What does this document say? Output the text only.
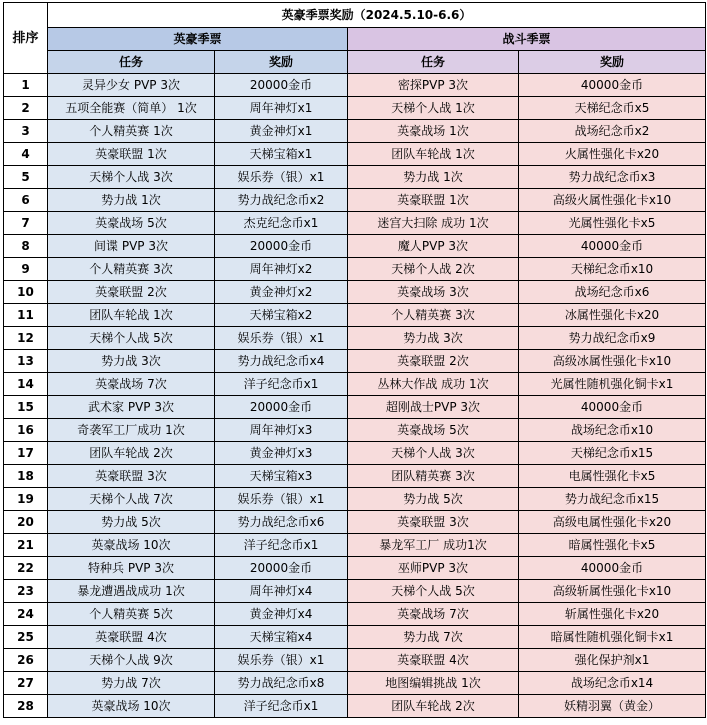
排序	英豪季票奖励（2024.5.10-6.6）			
	英豪季票		战斗季票	
	任务	奖励	任务	奖励
1	灵异少女 PVP 3次	20000金币	密探PVP 3次	40000金币
2	五项全能赛（简单） 1次	周年神灯x1	天梯个人战 1次	天梯纪念币x5
3	个人精英赛 1次	黄金神灯x1	英豪战场 1次	战场纪念币x2
4	英豪联盟 1次	天梯宝箱x1	团队车轮战 1次	火属性强化卡x20
5	天梯个人战 3次	娱乐券（银）x1	势力战 1次	势力战纪念币x3
6	势力战 1次	势力战纪念币x2	英豪联盟 1次	高级火属性强化卡x10
7	英豪战场 5次	杰克纪念币x1	迷宫大扫除 成功 1次	光属性强化卡x5
8	间谍 PVP 3次	20000金币	魔人PVP 3次	40000金币
9	个人精英赛 3次	周年神灯x2	天梯个人战 2次	天梯纪念币x10
10	英豪联盟 2次	黄金神灯x2	英豪战场 3次	战场纪念币x6
11	团队车轮战 1次	天梯宝箱x2	个人精英赛 3次	冰属性强化卡x20
12	天梯个人战 5次	娱乐券（银）x1	势力战 3次	势力战纪念币x9
13	势力战 3次	势力战纪念币x4	英豪联盟 2次	高级冰属性强化卡x10
14	英豪战场 7次	洋子纪念币x1	丛林大作战 成功 1次	光属性随机强化铜卡x1
15	武术家 PVP 3次	20000金币	超刚战士PVP 3次	40000金币
16	奇袭军工厂成功 1次	周年神灯x3	英豪战场 5次	战场纪念币x10
17	团队车轮战 2次	黄金神灯x3	天梯个人战 3次	天梯纪念币x15
18	英豪联盟 3次	天梯宝箱x3	团队精英赛 3次	电属性强化卡x5
19	天梯个人战 7次	娱乐券（银）x1	势力战 5次	势力战纪念币x15
20	势力战 5次	势力战纪念币x6	英豪联盟 3次	高级电属性强化卡x20
21	英豪战场 10次	洋子纪念币x1	暴龙军工厂 成功1次	暗属性强化卡x5
22	特种兵 PVP 3次	20000金币	巫师PVP 3次	40000金币
23	暴龙遭遇战成功 1次	周年神灯x4	天梯个人战 5次	高级斩属性强化卡x10
24	个人精英赛 5次	黄金神灯x4	英豪战场 7次	斩属性强化卡x20
25	英豪联盟 4次	天梯宝箱x4	势力战 7次	暗属性随机强化铜卡x1
26	天梯个人战 9次	娱乐券（银）x1	英豪联盟 4次	强化保护剂x1
27	势力战 7次	势力战纪念币x8	地图编辑挑战 1次	战场纪念币x14
28	英豪战场 10次	洋子纪念币x1	团队车轮战 2次	妖精羽翼（黄金）
